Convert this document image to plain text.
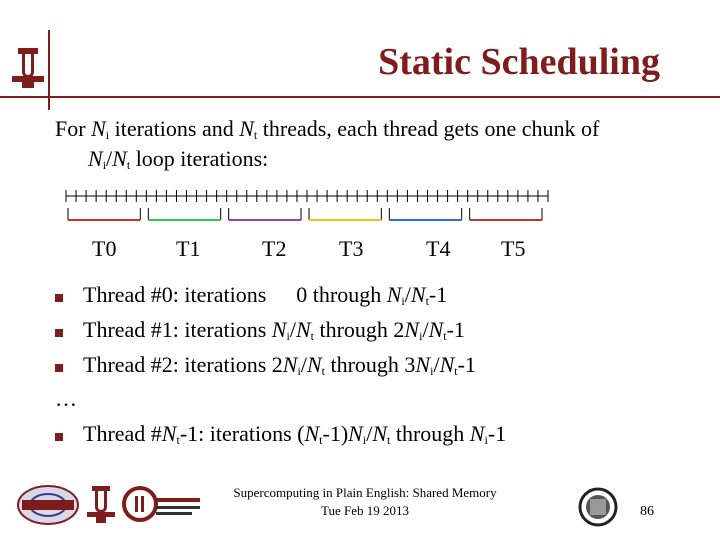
Static Scheduling
For $N_i$ iterations and $N_t$ threads, each thread gets one chunk of
$N_i/N_t$ loop iterations:
T0	T1	T2 T3	T4 T5
Thread #0: iterations 0 through $N_i/N_t-1$
Thread #1: iterations $N_i/N_t$ through $2N_i/N_t-1$
Thread #2: iterations $2N_i/N_t$ through $3N_i/N_t-1$
…
Thread $\#N_t-1$: iterations $(N_t-1)N_i/N_t$ through $N_i-1$
Supercomputing in Plain English: Shared Memory
Tue Feb 19 2013	86
